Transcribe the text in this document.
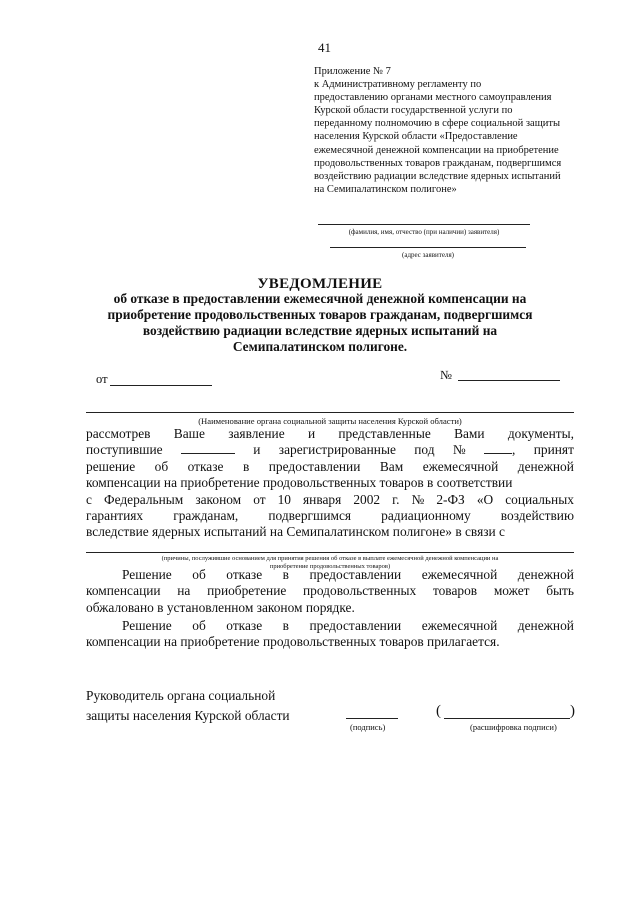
41
Приложение № 7
к Административному регламенту по
предоставлению органами местного самоуправления
Курской области государственной услуги по
переданному полномочию в сфере социальной защиты
населения Курской области «Предоставление
ежемесячной денежной компенсации на приобретение
продовольственных товаров гражданам, подвергшимся
воздействию радиации вследствие ядерных испытаний
на Семипалатинском полигоне»
(фамилия, имя, отчество (при наличии) заявителя)
(адрес заявителя)
УВЕДОМЛЕНИЕ
об отказе в предоставлении ежемесячной денежной компенсации на
приобретение продовольственных товаров гражданам, подвергшимся
воздействию радиации вследствие ядерных испытаний на
Семипалатинском полигоне.
от	№
(Наименование органа социальной защиты населения Курской области)
рассмотрев Ваше заявление и представленные Вами документы,
поступившие	и зарегистрированные под №	, принят
решение об отказе в предоставлении Вам ежемесячной денежной
компенсации на приобретение продовольственных товаров в соответствии
с Федеральным законом от 10 января 2002 г. № 2-ФЗ «О социальных
гарантиях гражданам, подвергшимся радиационному воздействию
вследствие ядерных испытаний на Семипалатинском полигоне» в связи с
(причины, послужившие основанием для принятия решения об отказе в выплате ежемесячной денежной компенсации на
приобретение продовольственных товаров)
Решение об отказе в предоставлении ежемесячной денежной
компенсации на приобретение продовольственных товаров может быть
обжаловано в установленном законом порядке.
Решение об отказе в предоставлении ежемесячной денежной
компенсации на приобретение продовольственных товаров прилагается.
Руководитель органа социальной
защиты населения Курской области
(подпись)
(	)
(расшифровка подписи)
